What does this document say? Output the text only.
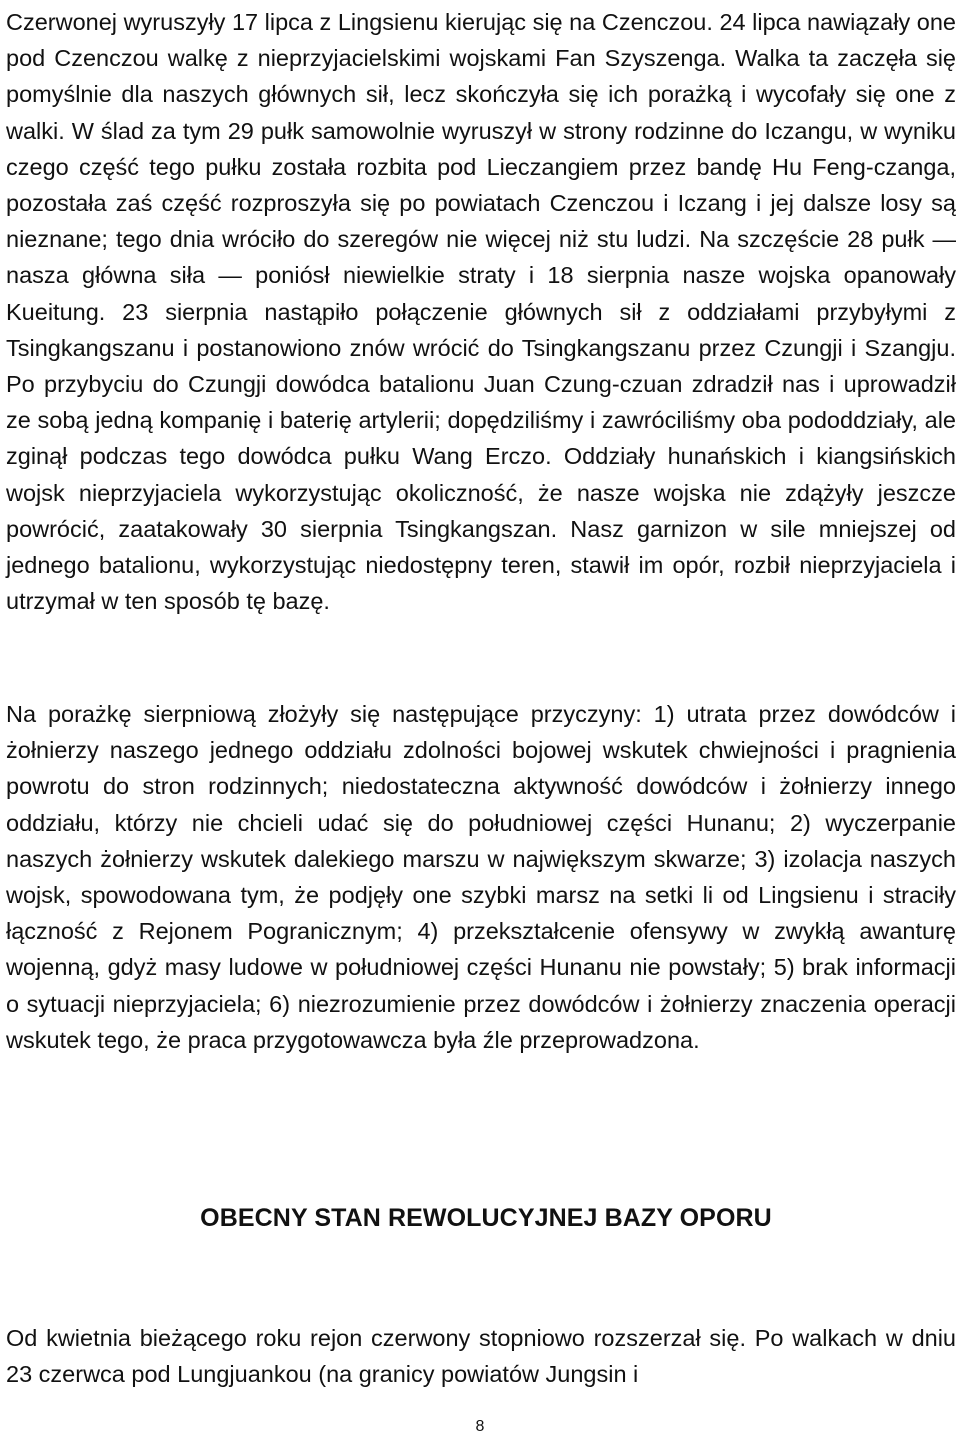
Czerwonej wyruszyły 17 lipca z Lingsienu kierując się na Czenczou. 24 lipca nawiązały one pod Czenczou walkę z nieprzyjacielskimi wojskami Fan Szyszenga. Walka ta zaczęła się pomyślnie dla naszych głównych sił, lecz skończyła się ich porażką i wycofały się one z walki. W ślad za tym 29 pułk samowolnie wyruszył w strony rodzinne do Iczangu, w wyniku czego część tego pułku została rozbita pod Lieczangiem przez bandę Hu Feng-czanga, pozostała zaś część rozproszyła się po powiatach Czenczou i Iczang i jej dalsze losy są nieznane; tego dnia wróciło do szeregów nie więcej niż stu ludzi. Na szczęście 28 pułk — nasza główna siła — poniósł niewielkie straty i 18 sierpnia nasze wojska opanowały Kueitung. 23 sierpnia nastąpiło połączenie głównych sił z oddziałami przybyłymi z Tsingkangszanu i postanowiono znów wrócić do Tsingkangszanu przez Czungji i Szangju. Po przybyciu do Czungji dowódca batalionu Juan Czung-czuan zdradził nas i uprowadził ze sobą jedną kompanię i baterię artylerii; dopędziliśmy i zawróciliśmy oba pododdziały, ale zginął podczas tego dowódca pułku Wang Erczo. Oddziały hunańskich i kiangsińskich wojsk nieprzyjaciela wykorzystując okoliczność, że nasze wojska nie zdążyły jeszcze powrócić, zaatakowały 30 sierpnia Tsingkangszan. Nasz garnizon w sile mniejszej od jednego batalionu, wykorzystując niedostępny teren, stawił im opór, rozbił nieprzyjaciela i utrzymał w ten sposób tę bazę.

Na porażkę sierpniową złożyły się następujące przyczyny: 1) utrata przez dowódców i żołnierzy naszego jednego oddziału zdolności bojowej wskutek chwiejności i pragnienia powrotu do stron rodzinnych; niedostateczna aktywność dowódców i żołnierzy innego oddziału, którzy nie chcieli udać się do południowej części Hunanu; 2) wyczerpanie naszych żołnierzy wskutek dalekiego marszu w największym skwarze; 3) izolacja naszych wojsk, spowodowana tym, że podjęły one szybki marsz na setki li od Lingsienu i straciły łączność z Rejonem Pogranicznym; 4) przekształcenie ofensywy w zwykłą awanturę wojenną, gdyż masy ludowe w południowej części Hunanu nie powstały; 5) brak informacji o sytuacji nieprzyjaciela; 6) niezrozumienie przez dowódców i żołnierzy znaczenia operacji wskutek tego, że praca przygotowawcza była źle przeprowadzona.

OBECNY STAN REWOLUCYJNEJ BAZY OPORU

Od kwietnia bieżącego roku rejon czerwony stopniowo rozszerzał się. Po walkach w dniu 23 czerwca pod Lungjuankou (na granicy powiatów Jungsin i

8
